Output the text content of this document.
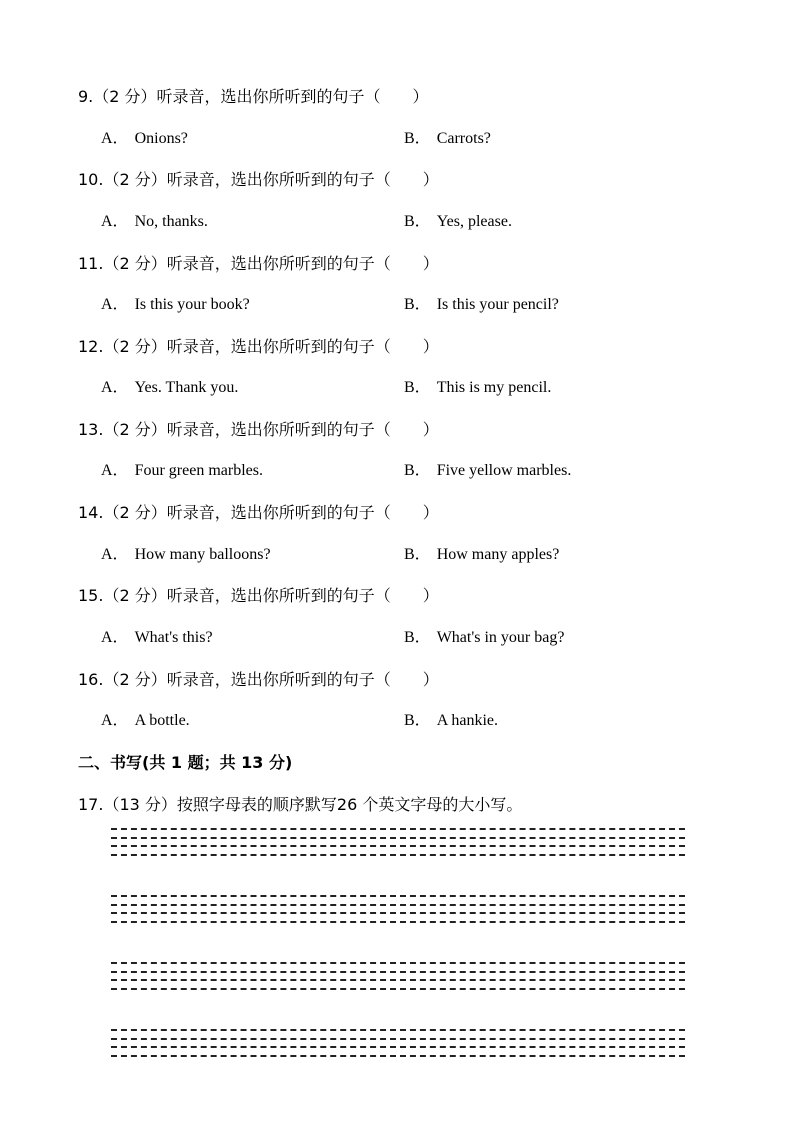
9.（2 分）听录音，选出你所听到的句子（　　）
A． Onions?	B． Carrots?
10.（2 分）听录音，选出你所听到的句子（　　）
A． No, thanks.	B． Yes, please.
11.（2 分）听录音，选出你所听到的句子（　　）
A． Is this your book?	B． Is this your pencil?
12.（2 分）听录音，选出你所听到的句子（　　）
A． Yes. Thank you.	B． This is my pencil.
13.（2 分）听录音，选出你所听到的句子（　　）
A． Four green marbles.	B． Five yellow marbles.
14.（2 分）听录音，选出你所听到的句子（　　）
A． How many balloons?	B． How many apples?
15.（2 分）听录音，选出你所听到的句子（　　）
A． What's this?	B． What's in your bag?
16.（2 分）听录音，选出你所听到的句子（　　）
A． A bottle.	B． A hankie.
二、书写(共 1 题；共 13 分)
17.（13 分）按照字母表的顺序默写26 个英文字母的大小写。
